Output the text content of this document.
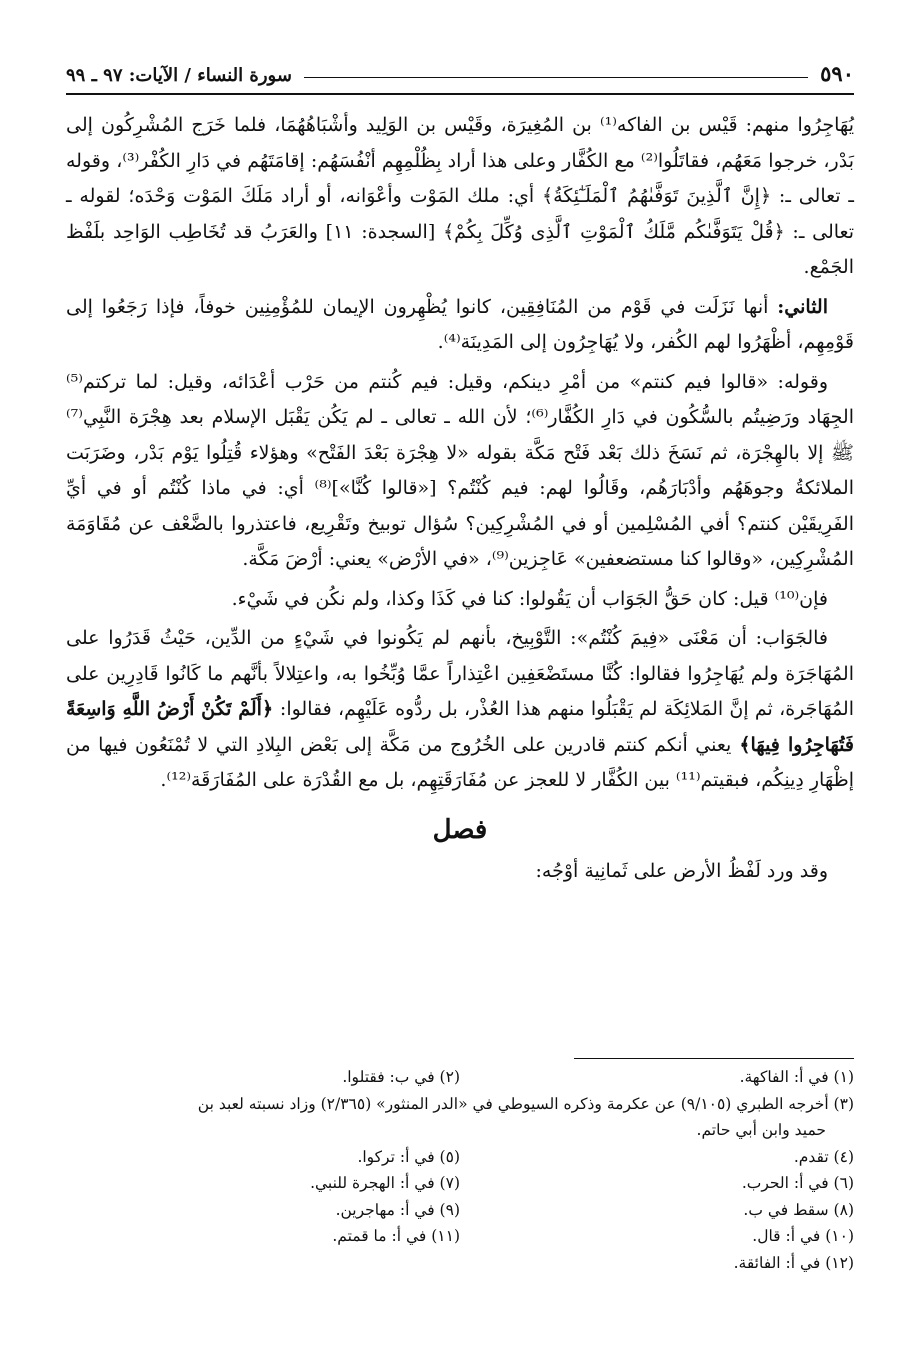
٥٩٠
سورة النساء / الآيات: ٩٧ ـ ٩٩

يُهَاجِرُوا منهم: قَيْس بن الفاكه⁽¹⁾ بن المُغِيرَة، وقَيْس بن الوَلِيد وأشْبَاهُهُمَا، فلما خَرَج المُشْرِكُون إلى بَدْر، خرجوا مَعَهُم، فقاتَلُوا⁽²⁾ مع الكُفَّار وعلى هذا أراد بِظُلْمِهِم أنْفُسَهُم: إقامَتَهُم في دَارِ الكُفْر⁽³⁾، وقوله ـ تعالى ـ: ﴿إِنَّ ٱلَّذِينَ تَوَفَّىٰهُمُ ٱلْمَلَـٰٓئِكَةُ﴾ أي: ملك المَوْت وأعْوَانه، أو أراد مَلَكَ المَوْت وَحْدَه؛ لقوله ـ تعالى ـ: ﴿قُلْ يَتَوَفَّىٰكُم مَّلَكُ ٱلْمَوْتِ ٱلَّذِى وُكِّلَ بِكُمْ﴾ [السجدة: ١١] والعَرَبُ قد تُخَاطِب الوَاحِد بلَفْظ الجَمْع.

الثاني: أنها نَزَلَت في قَوْم من المُنَافِقِين، كانوا يُظْهِرون الإيمان للمُؤْمِنِين خوفاً، فإذا رَجَعُوا إلى قَوْمِهِم، أظْهَرُوا لهم الكُفر، ولا يُهَاجِرُون إلى المَدِينَة⁽⁴⁾.

وقوله: «قالوا فيم كنتم» من أمْرِ دينكم، وقيل: فيم كُنتم من حَرْب أعْدَائه، وقيل: لما تركتم⁽⁵⁾ الجِهَاد ورَضِيتُم بالسُّكُون في دَارِ الكُفَّار⁽⁶⁾؛ لأن الله ـ تعالى ـ لم يَكُن يَقْبَل الإسلام بعد هِجْرَة النَّبِي⁽⁷⁾ ﷺ إلا بالهِجْرَة، ثم نَسَخَ ذلك بَعْد فَتْح مَكَّة بقوله «لا هِجْرَة بَعْدَ الفَتْح» وهؤلاء قُتِلُوا يَوْم بَدْر، وضَرَبَت الملائكةُ وجوهَهُم وأدْبَارَهُم، وقَالُوا لهم: فيم كُنْتُم؟ [«قالوا كُنَّا»]⁽⁸⁾ أي: في ماذا كُنْتُم أو في أيِّ الفَرِيقَيْن كنتم؟ أفي المُسْلِمين أو في المُشْرِكِين؟ سُؤال توبيخ وتَقْرِيع، فاعتذروا بالضَّعْف عن مُقَاوَمَة المُشْرِكِين، «وقالوا كنا مستضعفين» عَاجِزين⁽⁹⁾، «في الأرْض» يعني: أرْضَ مَكَّة.

فإن⁽¹⁰⁾ قيل: كان حَقُّ الجَوَاب أن يَقُولوا: كنا في كَذَا وكذا، ولم نكُن في شَيْء.

فالجَوَاب: أن مَعْنَى «فِيمَ كُنْتُم»: التَّوْبِيخ، بأنهم لم يَكُونوا في شَيْءٍ من الدِّين، حَيْثُ قَدَرُوا على المُهَاجَرَة ولم يُهَاجِرُوا فقالوا: كُنَّا مستَضْعَفِين اعْتِذاراً عمَّا وُبِّخُوا به، واعتِلالاً بأنَّهم ما كَانُوا قَادِرِين على المُهَاجَرة، ثم إنَّ المَلائِكَة لم يَقْبَلُوا منهم هذا العُذْر، بل ردُّوه عَلَيْهِم، فقالوا: ﴿أَلَمْ تَكُنْ أَرْضُ اللَّهِ وَاسِعَةً فَتُهَاجِرُوا فِيهَا﴾ يعني أنكم كنتم قادرين على الخُرُوج من مَكَّة إلى بَعْض البِلادِ التي لا تُمْنَعُون فيها من إظْهَارِ دِينِكُم، فبقيتم⁽¹¹⁾ بين الكُفَّار لا للعجز عن مُفَارَقَتِهِم، بل مع القُدْرَة على المُفَارَقَة⁽¹²⁾.

فصل

وقد ورد لَفْظُ الأرض على ثَمانِية أوْجُه:

(١) في أ: الفاكهة.
(٢) في ب: فقتلوا.
(٣) أخرجه الطبري (٩/١٠٥) عن عكرمة وذكره السيوطي في «الدر المنثور» (٢/٣٦٥) وزاد نسبته لعبد بن
حميد وابن أبي حاتم.
(٤) تقدم.
(٥) في أ: تركوا.
(٦) في أ: الحرب.
(٧) في أ: الهجرة للنبي.
(٨) سقط في ب.
(٩) في أ: مهاجرين.
(١٠) في أ: قال.
(١١) في أ: ما قمتم.
(١٢) في أ: الفائقة.
